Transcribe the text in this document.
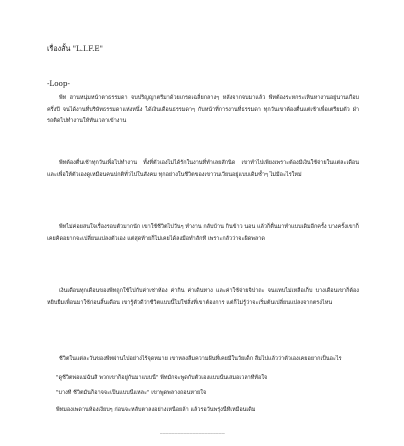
เรื่องสั้น "L.I.F.E"
-Loop-
พีท ฮานหนุ่มหน้าตาธรรมดา จบปริญญาตรีมาด้วยเกรดเฉลี่ยกลางๆ หลังจากจบมาแล้ว พีทต้องระหกระเหินหางานอยู่นานเกือบครึ่งปี จนได้งานที่บริษัทธรรมดาแห่งหนึ่ง ได้เงินเดือนธรรมดาๆ กับหน้าที่การงานที่ธรรมดา ทุกวันเขาต้องตื่นแต่เช้าเพื่อเตรียมตัว ฝ่ารถติดไปทำงานให้ทันเวลาเข้างาน
พีทต้องตื่นเช้าทุกวันเพื่อไปทำงาน ทั้งที่ตัวเองไม่ได้รักในงานที่ทำเลยสักนิด เขาทำไปเพียงเพราะต้องมีเงินใช้จ่ายในแต่ละเดือน และเพื่อให้ตัวเองดูเหมือนคนปกติทั่วไปในสังคม ทุกอย่างในชีวิตของเขาวนเวียนอยู่แบบเดิมซ้ำๆ ไม่มีอะไรใหม่
พีทไม่ค่อยสนใจเรื่องรอบตัวมากนัก เขาใช้ชีวิตไปวันๆ ทำงาน กลับบ้าน กินข้าว นอน แล้วก็ตื่นมาทำแบบเดิมอีกครั้ง บางครั้งเขาก็เคยคิดอยากจะเปลี่ยนแปลงตัวเอง แต่สุดท้ายก็ไม่เคยได้ลงมือทำสักที เพราะกลัวว่าจะผิดพลาด
เงินเดือนทุกเดือนของพีทถูกใช้ไปกับค่าเช่าห้อง ค่ากิน ค่าเดินทาง และค่าใช้จ่ายจิปาถะ จนแทบไม่เหลือเก็บ บางเดือนเขาก็ต้องหยิบยืมเพื่อนมาใช้ก่อนสิ้นเดือน เขารู้ตัวดีว่าชีวิตแบบนี้ไม่ใช่สิ่งที่เขาต้องการ แต่ก็ไม่รู้ว่าจะเริ่มต้นเปลี่ยนแปลงจากตรงไหน
ชีวิตในแต่ละวันของพีทผ่านไปอย่างไร้จุดหมาย เขาหลงลืมความฝันที่เคยมีในวัยเด็ก ลืมไปแล้วว่าตัวเองเคยอยากเป็นอะไร
"ดูชีวิตพ่อแม่ฉันสิ พวกเขาก็อยู่กันมาแบบนี้" พีทมักจะพูดกับตัวเองแบบนั้นเสมอเวลาที่ท้อใจ
"บางที ชีวิตมันก็อาจจะเป็นแบบนี้แหละ" เขาพูดพลางถอนหายใจ
พีทมองเพดานห้องเงียบๆ ก่อนจะหลับตาลงอย่างเหนื่อยล้า แล้วรอวันพรุ่งนี้ที่เหมือนเดิม
______________________
